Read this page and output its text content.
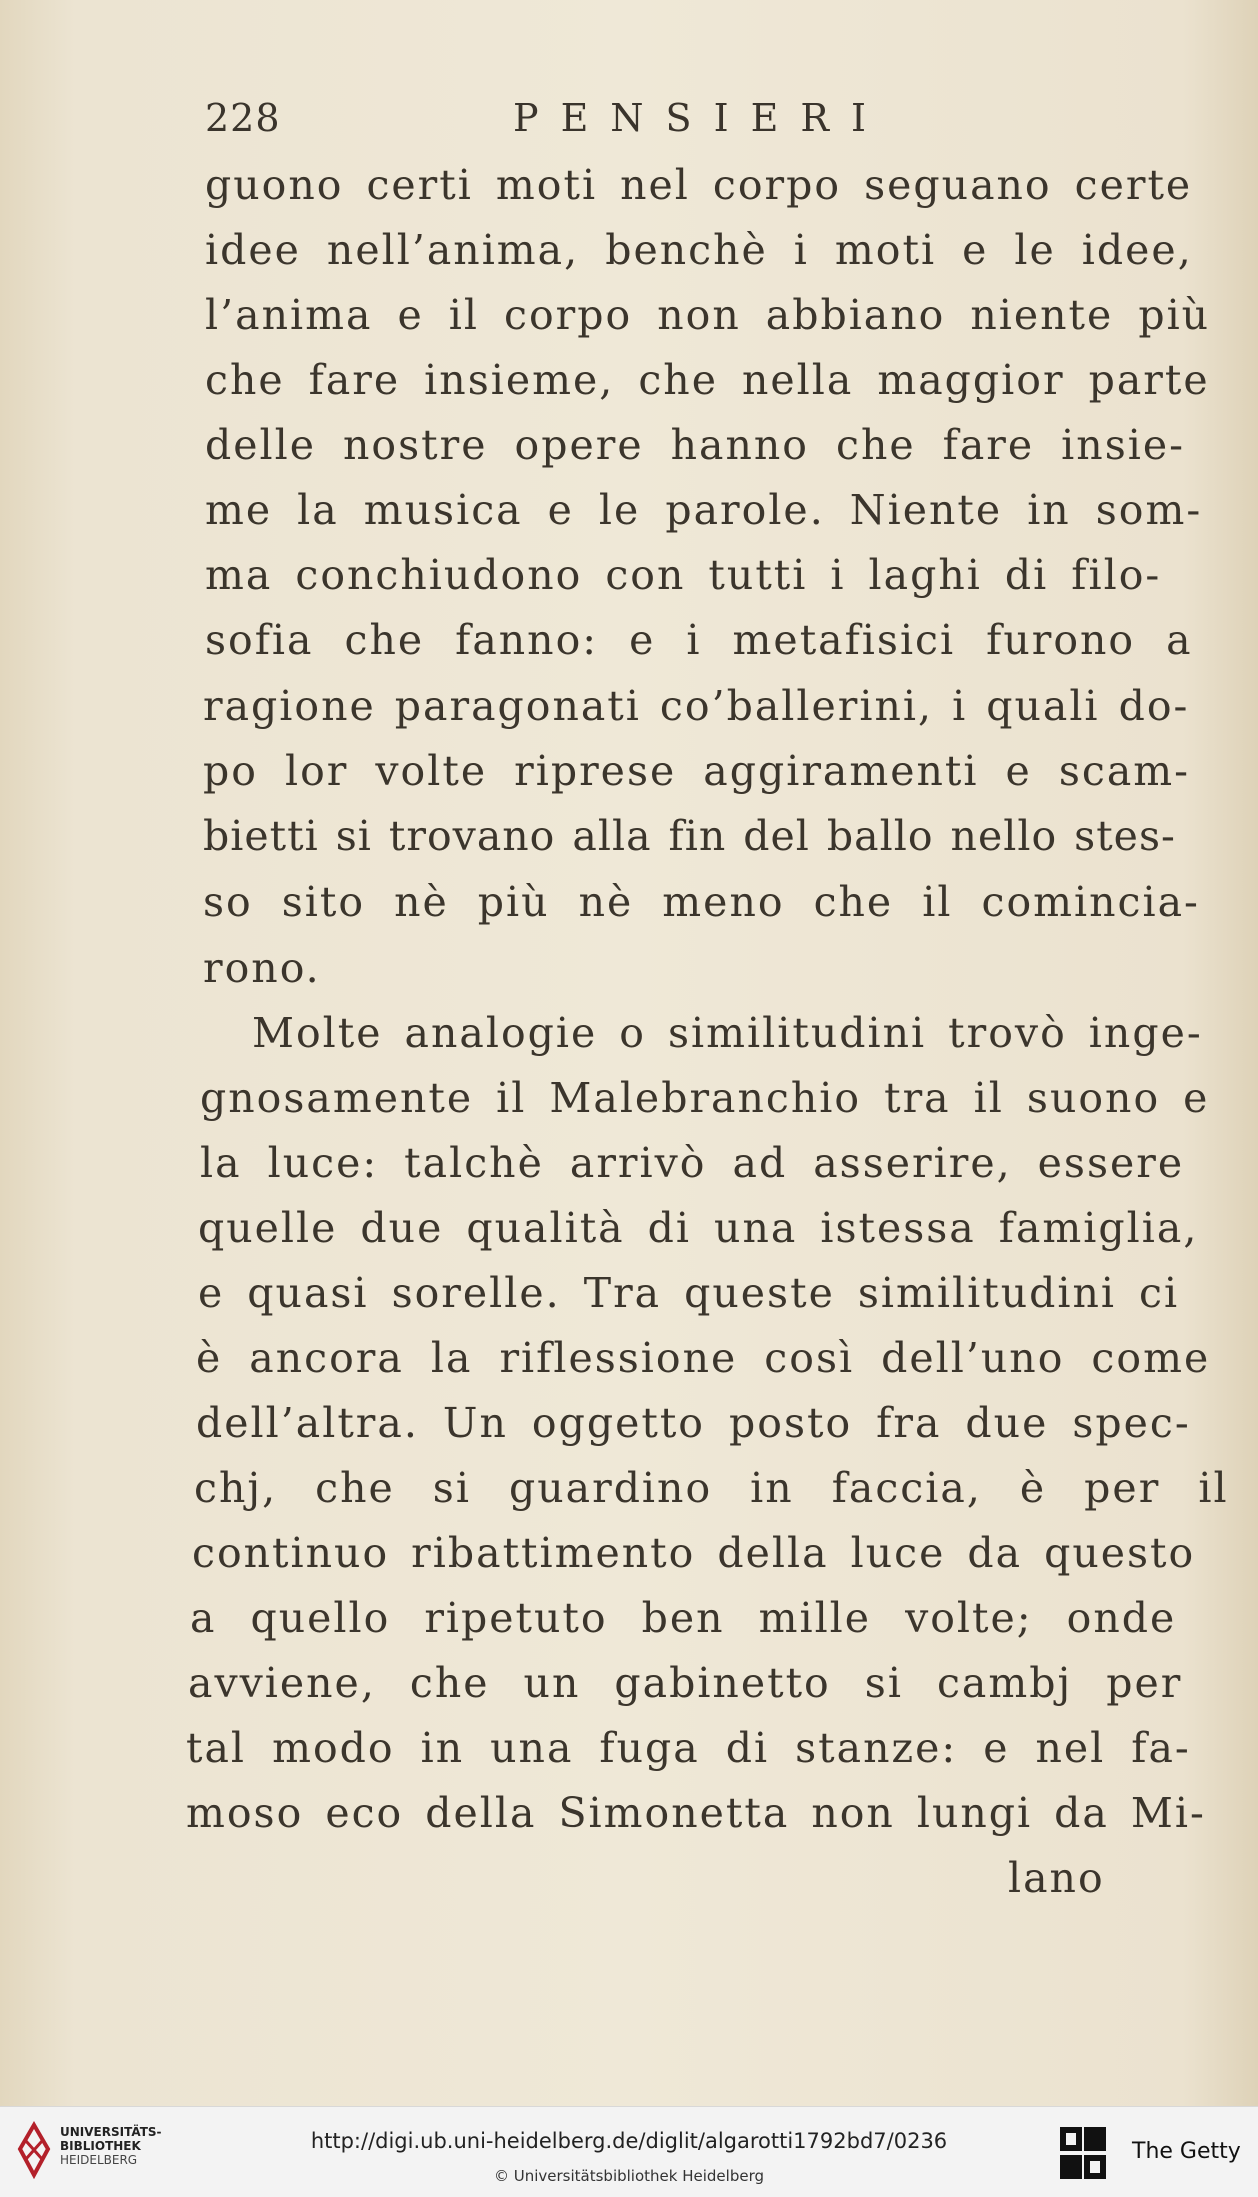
228	PENSIERI
guono certi moti nel corpo seguano certe
idee nell’anima, benchè i moti e le idee,
l’anima e il corpo non abbiano niente più
che fare insieme, che nella maggior parte
delle nostre opere hanno che fare insie-
me la musica e le parole. Niente in som-
ma conchiudono con tutti i laghi di filo-
sofia che fanno: e i metafisici furono a
ragione paragonati co’ballerini, i quali do-
po lor volte riprese aggiramenti e scam-
bietti si trovano alla fin del ballo nello stes-
so sito nè più nè meno che il comincia-
rono.
Molte analogie o similitudini trovò inge-
gnosamente il Malebranchio tra il suono e
la luce: talchè arrivò ad asserire, essere
quelle due qualità di una istessa famiglia,
e quasi sorelle. Tra queste similitudini ci
è ancora la riflessione così dell’uno come
dell’altra. Un oggetto posto fra due spec-
chj, che si guardino in faccia, è per il
continuo ribattimento della luce da questo
a quello ripetuto ben mille volte; onde
avviene, che un gabinetto si cambj per
tal modo in una fuga di stanze: e nel fa-
moso eco della Simonetta non lungi da Mi-
lano
UNIVERSITÄTS-
BIBLIOTHEK
HEIDELBERG
http://digi.ub.uni-heidelberg.de/diglit/algarotti1792bd7/0236
© Universitätsbibliothek Heidelberg
The Getty
